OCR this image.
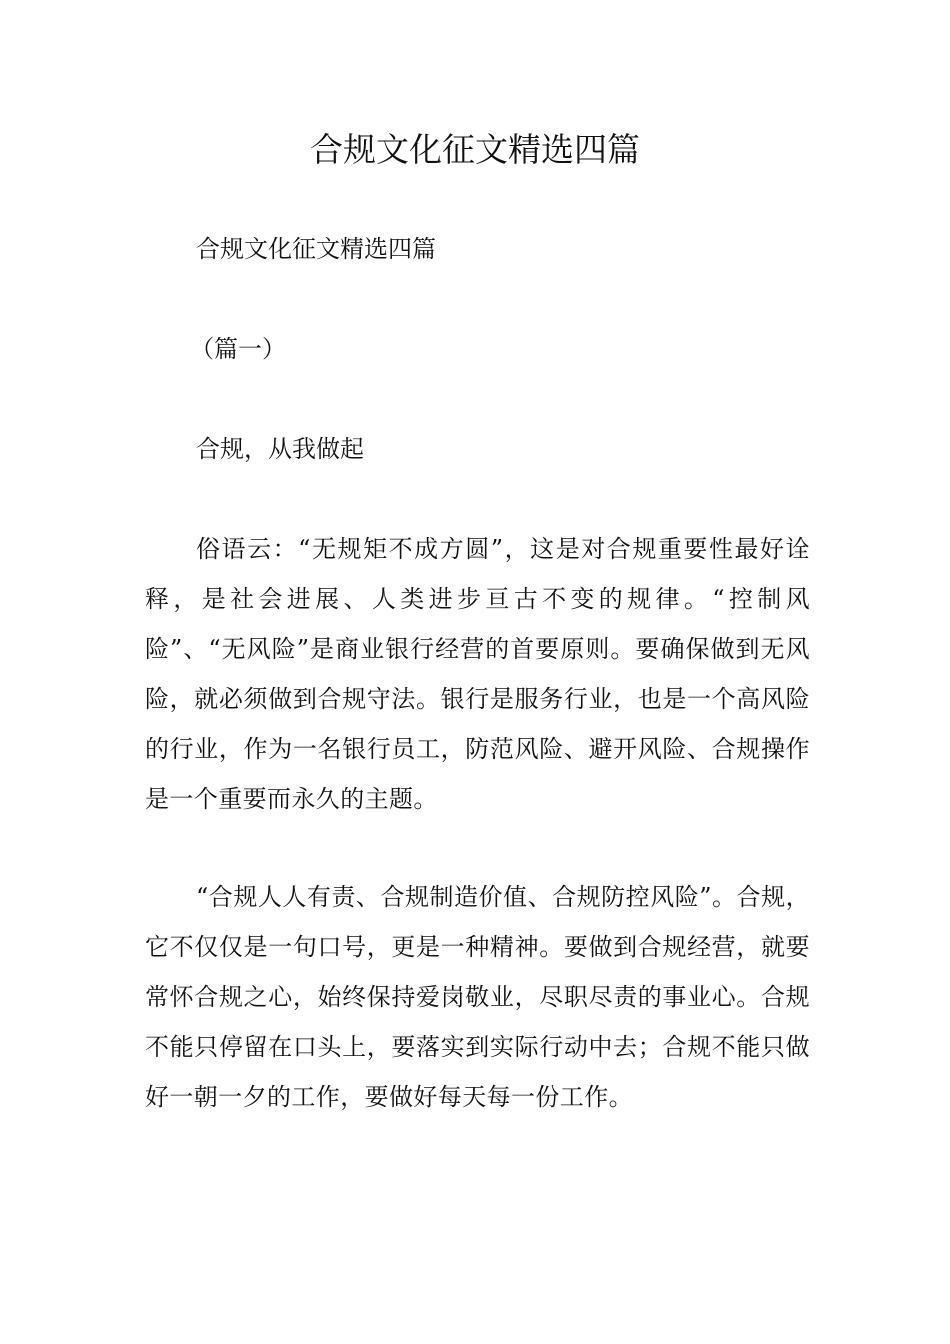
合规文化征文精选四篇

合规文化征文精选四篇

（篇一）

合规，从我做起

俗语云：“无规矩不成方圆”，这是对合规重要性最好诠释，是社会进展、人类进步亘古不变的规律。“控制风险”、“无风险”是商业银行经营的首要原则。要确保做到无风险，就必须做到合规守法。银行是服务行业，也是一个高风险的行业，作为一名银行员工，防范风险、避开风险、合规操作是一个重要而永久的主题。

“合规人人有责、合规制造价值、合规防控风险”。合规，它不仅仅是一句口号，更是一种精神。要做到合规经营，就要常怀合规之心，始终保持爱岗敬业，尽职尽责的事业心。合规不能只停留在口头上，要落实到实际行动中去；合规不能只做好一朝一夕的工作，要做好每天每一份工作。
